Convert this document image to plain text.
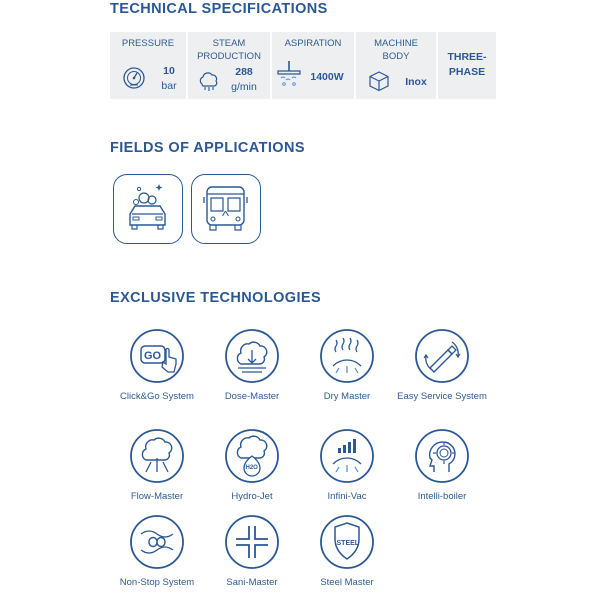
TECHNICAL SPECIFICATIONS
PRESSURE
10
bar
STEAM PRODUCTION
288
g/min
ASPIRATION
1400W
MACHINE BODY
Inox
THREE-PHASE
FIELDS OF APPLICATIONS
EXCLUSIVE TECHNOLOGIES
GO
Click&Go System	Dose-Master	Dry Master	Easy Service System
Flow-Master
H2O
Hydro-Jet	Infini-Vac	Intelli-boiler
Non-Stop System	Sani-Master
STEEL
Steel Master
